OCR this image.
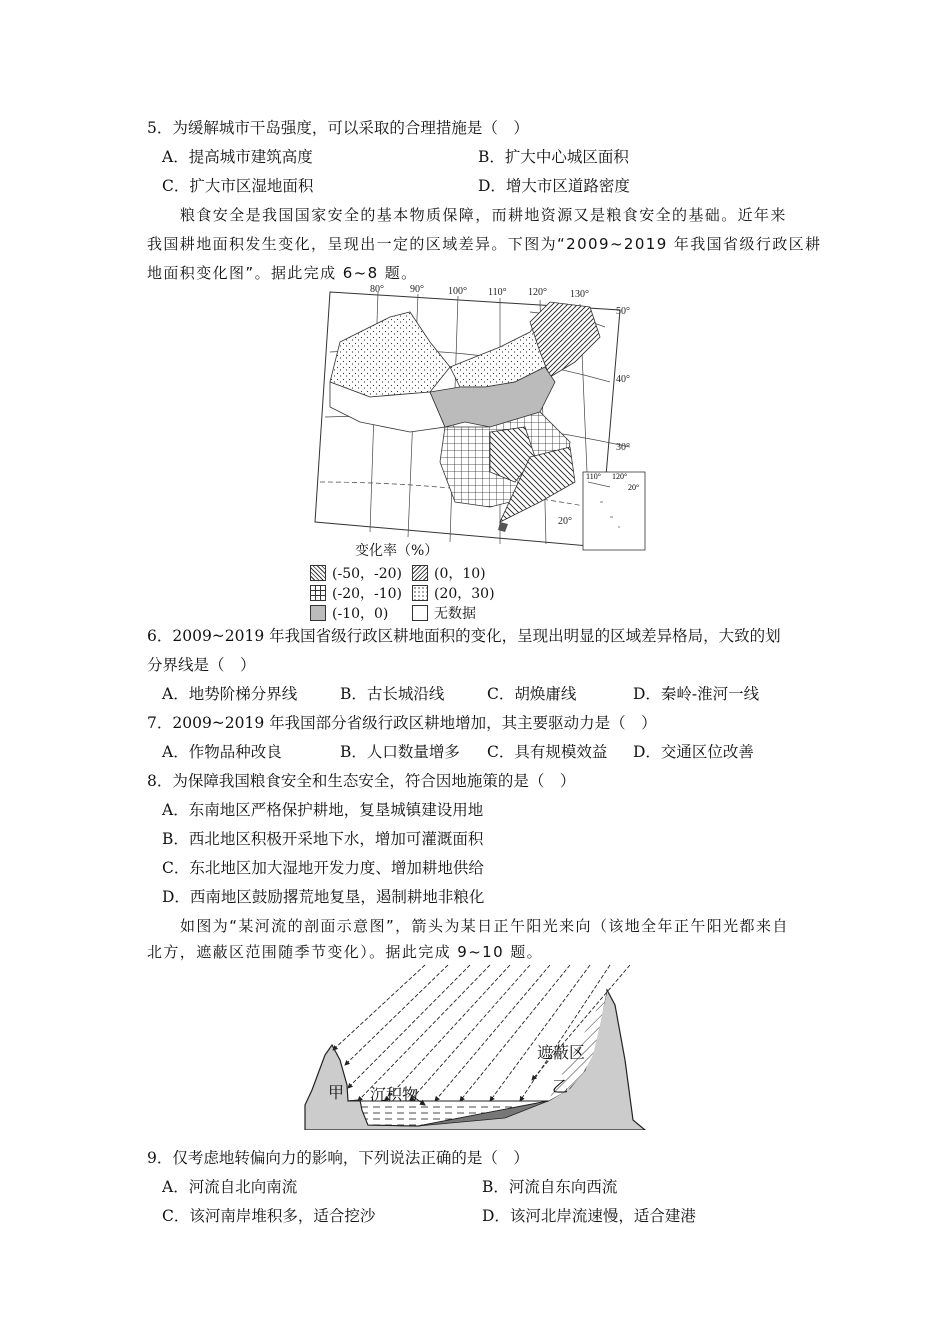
5．为缓解城市干岛强度，可以采取的合理措施是（　）
A．提高城市建筑高度	B．扩大中心城区面积
C．扩大市区湿地面积	D．增大市区道路密度
粮食安全是我国国家安全的基本物质保障，而耕地资源又是粮食安全的基础。近年来
我国耕地面积发生变化，呈现出一定的区域差异。下图为“2009~2019 年我国省级行政区耕
地面积变化图”。据此完成 6~8 题。
80°	90° 100° 110° 120° 130°
50°
40°
30°
20°
110° 120°
20°
变化率（%）
(-50，-20) (0，10)
(-20，-10) (20，30)
(-10，0)	无数据
6．2009~2019 年我国省级行政区耕地面积的变化，呈现出明显的区域差异格局，大致的划
分界线是（　）
A．地势阶梯分界线	B．古长城沿线	C．胡焕庸线	D．秦岭-淮河一线
7．2009~2019 年我国部分省级行政区耕地增加，其主要驱动力是（　）
A．作物品种改良	B．人口数量增多 C．具有规模效益 D．交通区位改善
8．为保障我国粮食安全和生态安全，符合因地施策的是（　）
A．东南地区严格保护耕地，复垦城镇建设用地
B．西北地区积极开采地下水，增加可灌溉面积
C．东北地区加大湿地开发力度、增加耕地供给
D．西南地区鼓励撂荒地复垦，遏制耕地非粮化
如图为“某河流的剖面示意图”，箭头为某日正午阳光来向（该地全年正午阳光都来自
北方，遮蔽区范围随季节变化）。据此完成 9~10 题。
甲 沉积物	乙
遮蔽区
9．仅考虑地转偏向力的影响，下列说法正确的是（　）
A．河流自北向南流	B．河流自东向西流
C．该河南岸堆积多，适合挖沙	D．该河北岸流速慢，适合建港
